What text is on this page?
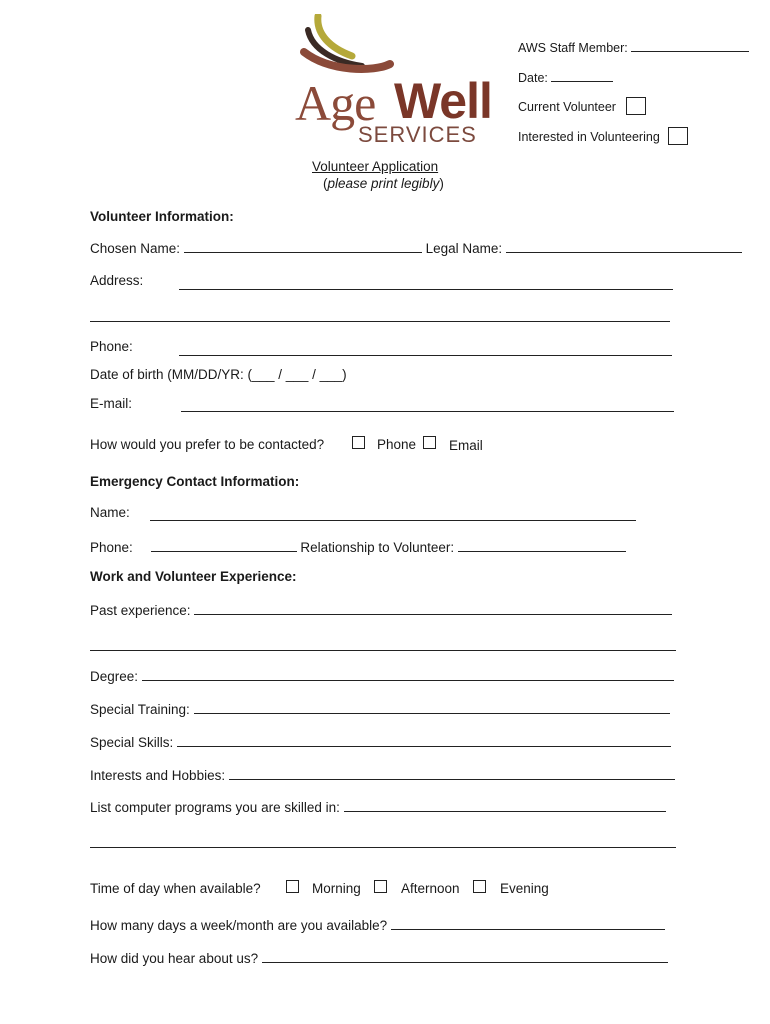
Age Well
SERVICES
AWS Staff Member:
Date:
Current Volunteer
Interested in Volunteering
Volunteer Application
(please print legibly)
Volunteer Information:
Chosen Name:	Legal Name:
Address:
Phone:
Date of birth (MM/DD/YR: (___ / ___ / ___)
E-mail:
How would you prefer to be contacted?	Phone Email
Emergency Contact Information:
Name:
Phone:	Relationship to Volunteer:
Work and Volunteer Experience:
Past experience:
Degree:
Special Training:
Special Skills:
Interests and Hobbies:
List computer programs you are skilled in:
Time of day when available?	Morning	Afternoon	Evening
How many days a week/month are you available?
How did you hear about us?
